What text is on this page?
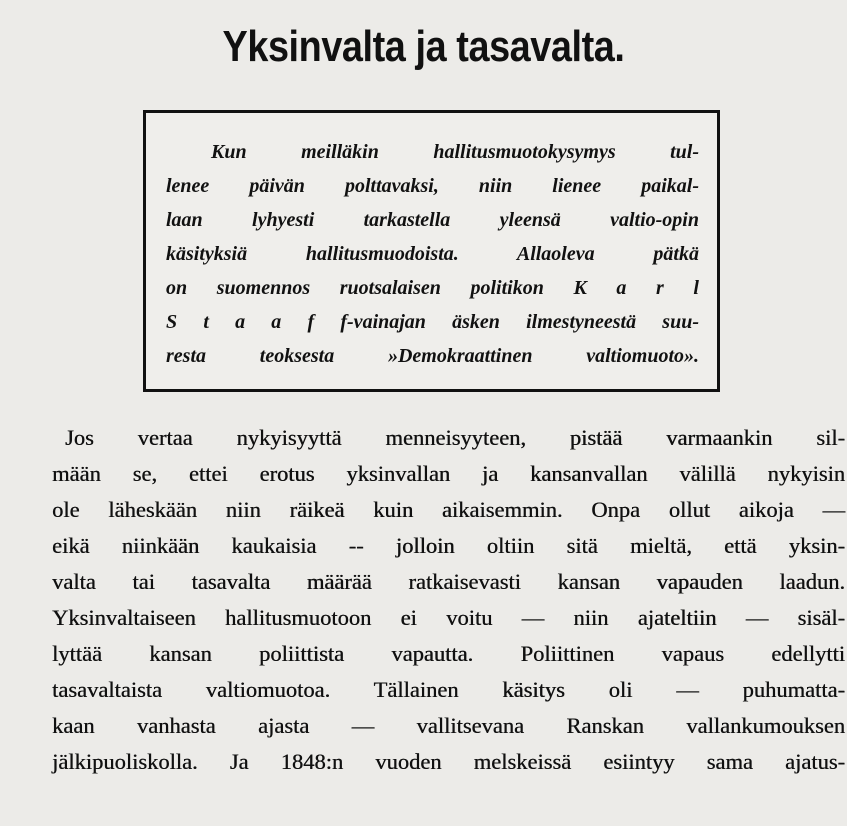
Yksinvalta ja tasavalta.
Kun meilläkin hallitusmuotokysymys tul-
lenee päivän polttavaksi, niin lienee paikal-
laan lyhyesti tarkastella yleensä valtio-opin
käsityksiä hallitusmuodoista. Allaoleva pätkä
on suomennos ruotsalaisen politikon K a r l
S t a a f f-vainajan äsken ilmestyneestä suu-
resta teoksesta »Demokraattinen valtiomuoto».
Jos vertaa nykyisyyttä menneisyyteen, pistää varmaankin sil-
mään se, ettei erotus yksinvallan ja kansanvallan välillä nykyisin
ole läheskään niin räikeä kuin aikaisemmin. Onpa ollut aikoja —
eikä niinkään kaukaisia -- jolloin oltiin sitä mieltä, että yksin-
valta tai tasavalta määrää ratkaisevasti kansan vapauden laadun.
Yksinvaltaiseen hallitusmuotoon ei voitu — niin ajateltiin — sisäl-
lyttää kansan poliittista vapautta. Poliittinen vapaus edellytti
tasavaltaista valtiomuotoa. Tällainen käsitys oli — puhumatta-
kaan vanhasta ajasta — vallitsevana Ranskan vallankumouksen
jälkipuoliskolla. Ja 1848:n vuoden melskeissä esiintyy sama ajatus-
